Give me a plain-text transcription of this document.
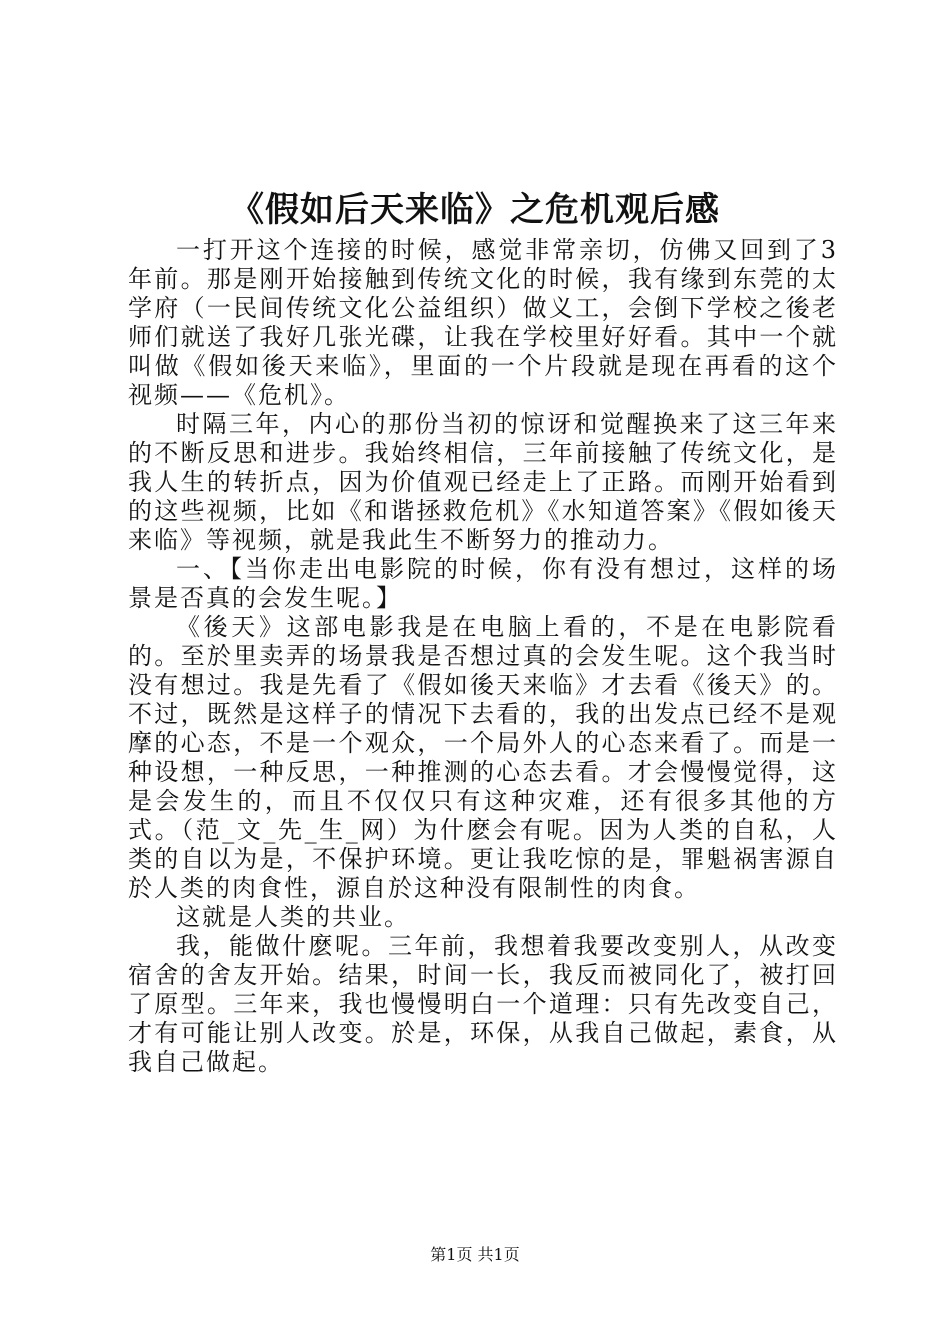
《假如后天来临》之危机观后感

一打开这个连接的时候，感觉非常亲切，仿佛又回到了3年前。那是刚开始接触到传统文化的时候，我有缘到东莞的太学府（一民间传统文化公益组织）做义工，会倒下学校之後老师们就送了我好几张光碟，让我在学校里好好看。其中一个就叫做《假如後天来临》，里面的一个片段就是现在再看的这个视频——《危机》。

时隔三年，内心的那份当初的惊讶和觉醒换来了这三年来的不断反思和进步。我始终相信，三年前接触了传统文化，是我人生的转折点，因为价值观已经走上了正路。而刚开始看到的这些视频，比如《和谐拯救危机》《水知道答案》《假如後天来临》等视频，就是我此生不断努力的推动力。

一、【当你走出电影院的时候，你有没有想过，这样的场景是否真的会发生呢。】

《後天》这部电影我是在电脑上看的，不是在电影院看的。至於里卖弄的场景我是否想过真的会发生呢。这个我当时没有想过。我是先看了《假如後天来临》才去看《後天》的。不过，既然是这样子的情况下去看的，我的出发点已经不是观摩的心态，不是一个观众，一个局外人的心态来看了。而是一种设想，一种反思，一种推测的心态去看。才会慢慢觉得，这是会发生的，而且不仅仅只有这种灾难，还有很多其他的方式。（范_文_先_生_网）为什麽会有呢。因为人类的自私，人类的自以为是，不保护环境。更让我吃惊的是，罪魁祸害源自於人类的肉食性，源自於这种没有限制性的肉食。

这就是人类的共业。

我，能做什麽呢。三年前，我想着我要改变别人，从改变宿舍的舍友开始。结果，时间一长，我反而被同化了，被打回了原型。三年来，我也慢慢明白一个道理：只有先改变自己，才有可能让别人改变。於是，环保，从我自己做起，素食，从我自己做起。

第1页 共1页
